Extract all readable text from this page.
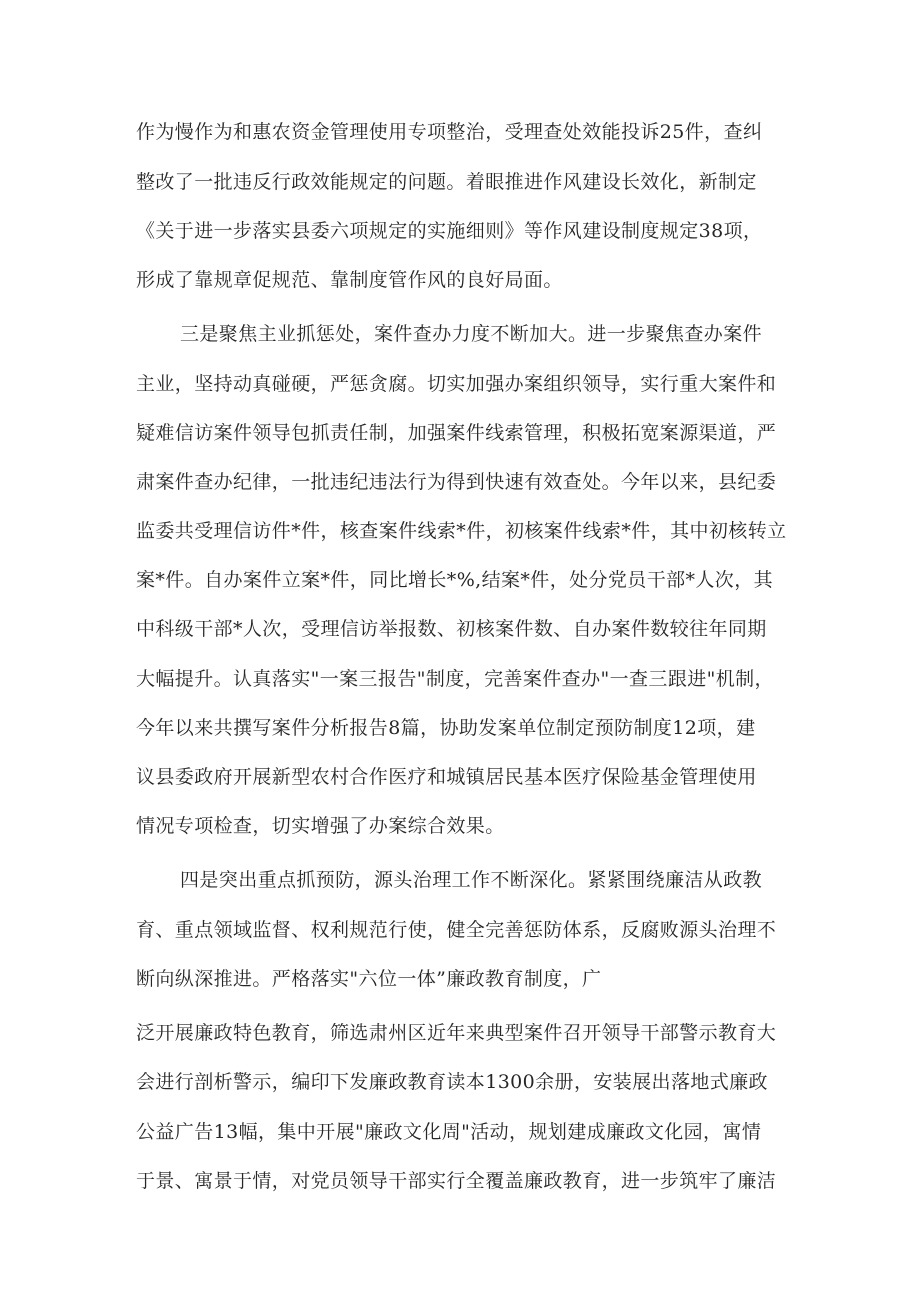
作为慢作为和惠农资金管理使用专项整治，受理查处效能投诉25件，查纠
整改了一批违反行政效能规定的问题。着眼推进作风建设长效化，新制定
《关于进一步落实县委六项规定的实施细则》等作风建设制度规定38项，
形成了靠规章促规范、靠制度管作风的良好局面。
三是聚焦主业抓惩处，案件查办力度不断加大。进一步聚焦查办案件
主业，坚持动真碰硬，严惩贪腐。切实加强办案组织领导，实行重大案件和
疑难信访案件领导包抓责任制，加强案件线索管理，积极拓宽案源渠道，严
肃案件查办纪律，一批违纪违法行为得到快速有效查处。今年以来，县纪委
监委共受理信访件*件，核查案件线索*件，初核案件线索*件，其中初核转立
案*件。自办案件立案*件，同比增长*%,结案*件，处分党员干部*人次，其
中科级干部*人次，受理信访举报数、初核案件数、自办案件数较往年同期
大幅提升。认真落实"一案三报告"制度，完善案件查办"一查三跟进"机制，
今年以来共撰写案件分析报告8篇，协助发案单位制定预防制度12项，建
议县委政府开展新型农村合作医疗和城镇居民基本医疗保险基金管理使用
情况专项检查，切实增强了办案综合效果。
四是突出重点抓预防，源头治理工作不断深化。紧紧围绕廉洁从政教
育、重点领域监督、权利规范行使，健全完善惩防体系，反腐败源头治理不
断向纵深推进。严格落实"六位一体”廉政教育制度，广
泛开展廉政特色教育，筛选肃州区近年来典型案件召开领导干部警示教育大
会进行剖析警示，编印下发廉政教育读本1300余册，安装展出落地式廉政
公益广告13幅，集中开展"廉政文化周"活动，规划建成廉政文化园，寓情
于景、寓景于情，对党员领导干部实行全覆盖廉政教育，进一步筑牢了廉洁
